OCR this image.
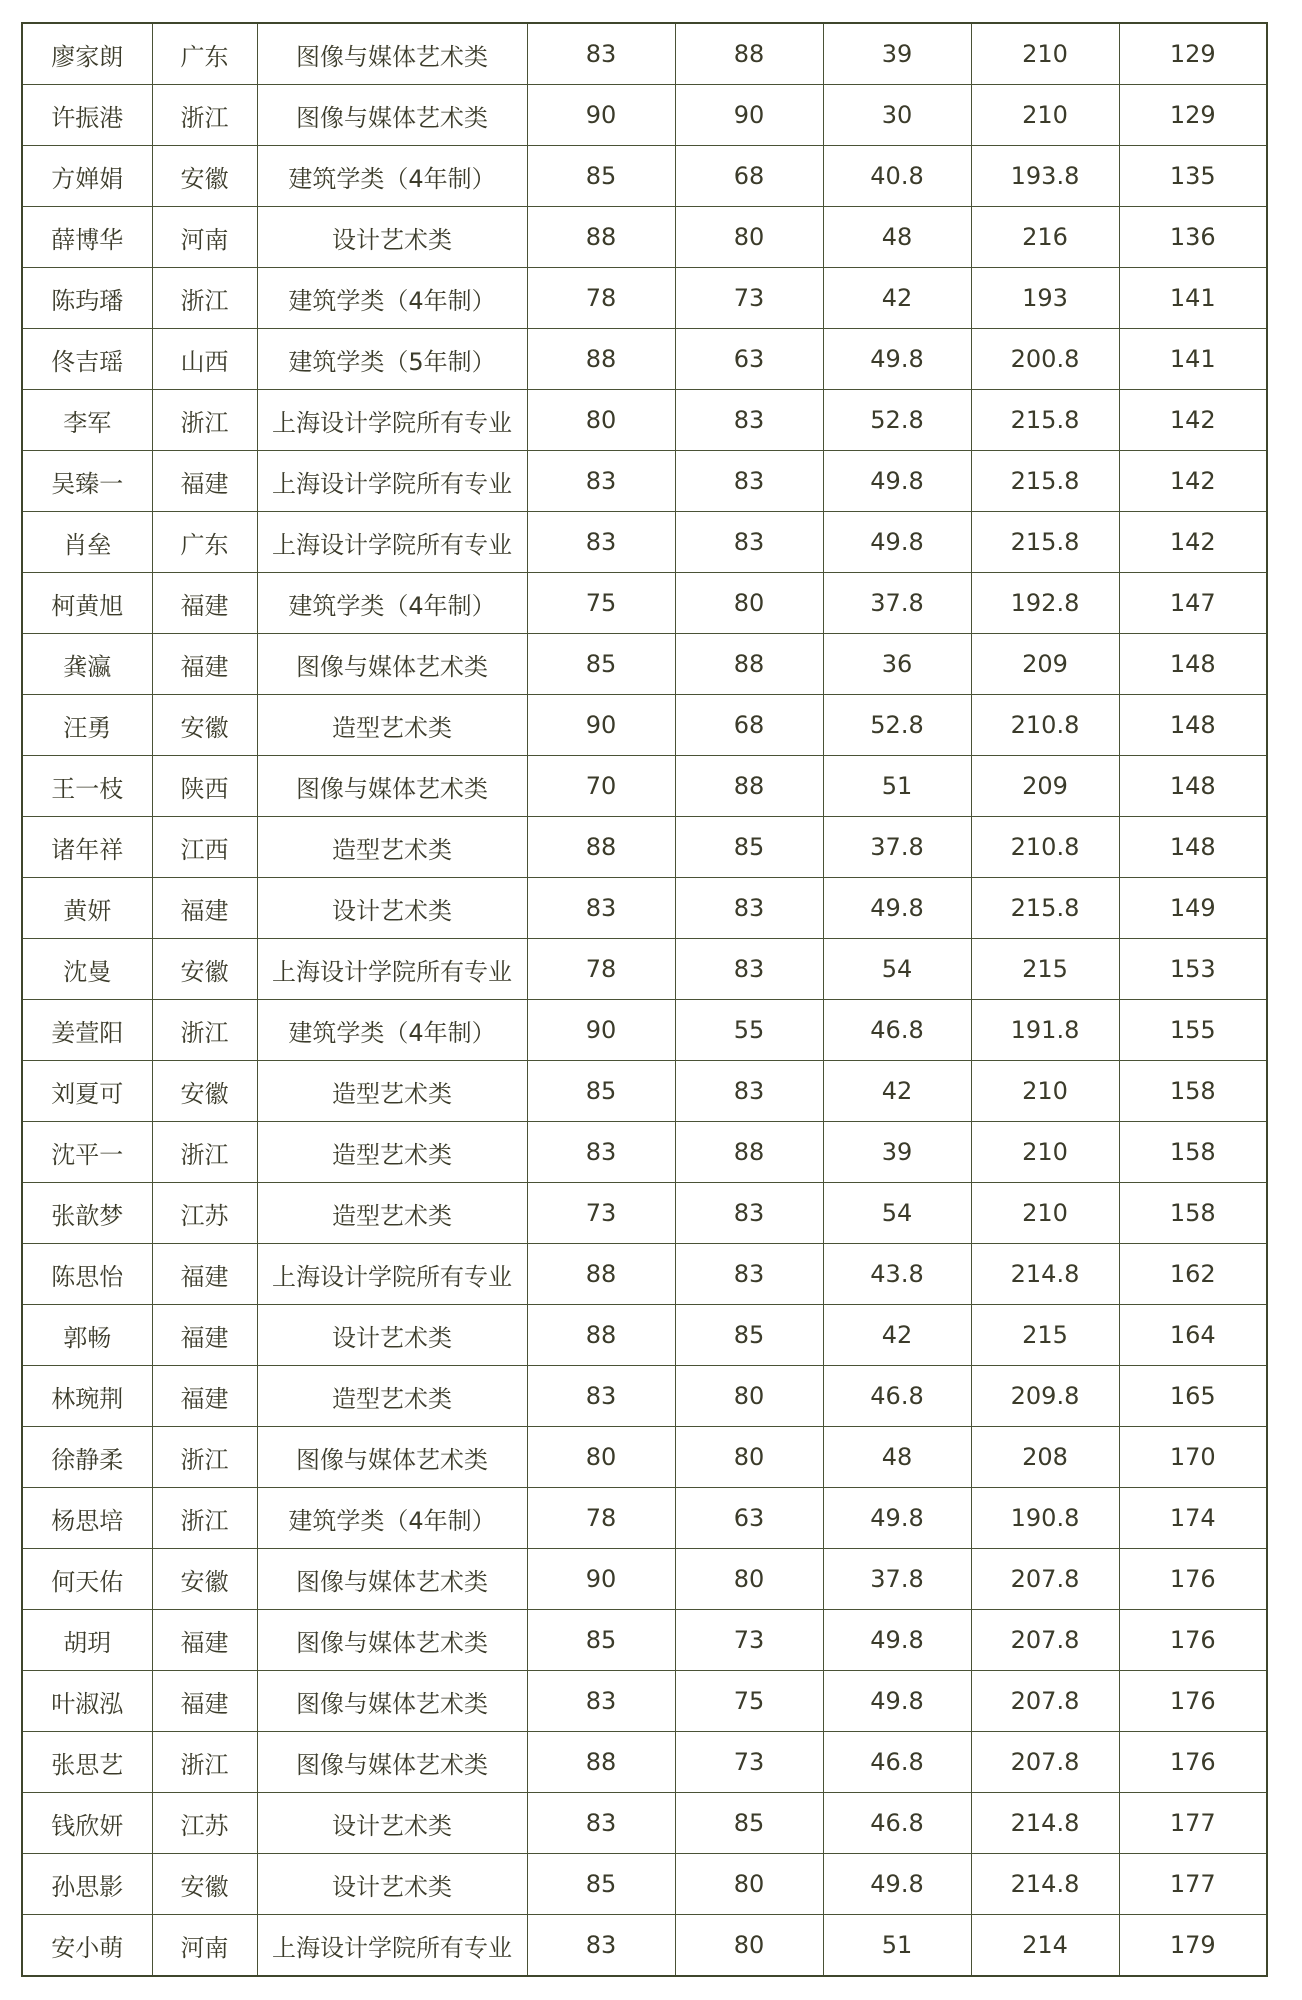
廖家朗	广东	图像与媒体艺术类	83	88	39	210	129
许振港	浙江	图像与媒体艺术类	90	90	30	210	129
方婵娟	安徽	建筑学类（4年制）	85	68	40.8	193.8	135
薛博华	河南	设计艺术类	88	80	48	216	136
陈玙璠	浙江	建筑学类（4年制）	78	73	42	193	141
佟吉瑶	山西	建筑学类（5年制）	88	63	49.8	200.8	141
李军	浙江	上海设计学院所有专业	80	83	52.8	215.8	142
吴臻一	福建	上海设计学院所有专业	83	83	49.8	215.8	142
肖垒	广东	上海设计学院所有专业	83	83	49.8	215.8	142
柯黄旭	福建	建筑学类（4年制）	75	80	37.8	192.8	147
龚瀛	福建	图像与媒体艺术类	85	88	36	209	148
汪勇	安徽	造型艺术类	90	68	52.8	210.8	148
王一枝	陕西	图像与媒体艺术类	70	88	51	209	148
诸年祥	江西	造型艺术类	88	85	37.8	210.8	148
黄妍	福建	设计艺术类	83	83	49.8	215.8	149
沈曼	安徽	上海设计学院所有专业	78	83	54	215	153
姜萱阳	浙江	建筑学类（4年制）	90	55	46.8	191.8	155
刘夏可	安徽	造型艺术类	85	83	42	210	158
沈平一	浙江	造型艺术类	83	88	39	210	158
张歆梦	江苏	造型艺术类	73	83	54	210	158
陈思怡	福建	上海设计学院所有专业	88	83	43.8	214.8	162
郭畅	福建	设计艺术类	88	85	42	215	164
林琬荆	福建	造型艺术类	83	80	46.8	209.8	165
徐静柔	浙江	图像与媒体艺术类	80	80	48	208	170
杨思培	浙江	建筑学类（4年制）	78	63	49.8	190.8	174
何天佑	安徽	图像与媒体艺术类	90	80	37.8	207.8	176
胡玥	福建	图像与媒体艺术类	85	73	49.8	207.8	176
叶淑泓	福建	图像与媒体艺术类	83	75	49.8	207.8	176
张思艺	浙江	图像与媒体艺术类	88	73	46.8	207.8	176
钱欣妍	江苏	设计艺术类	83	85	46.8	214.8	177
孙思影	安徽	设计艺术类	85	80	49.8	214.8	177
安小萌	河南	上海设计学院所有专业	83	80	51	214	179
